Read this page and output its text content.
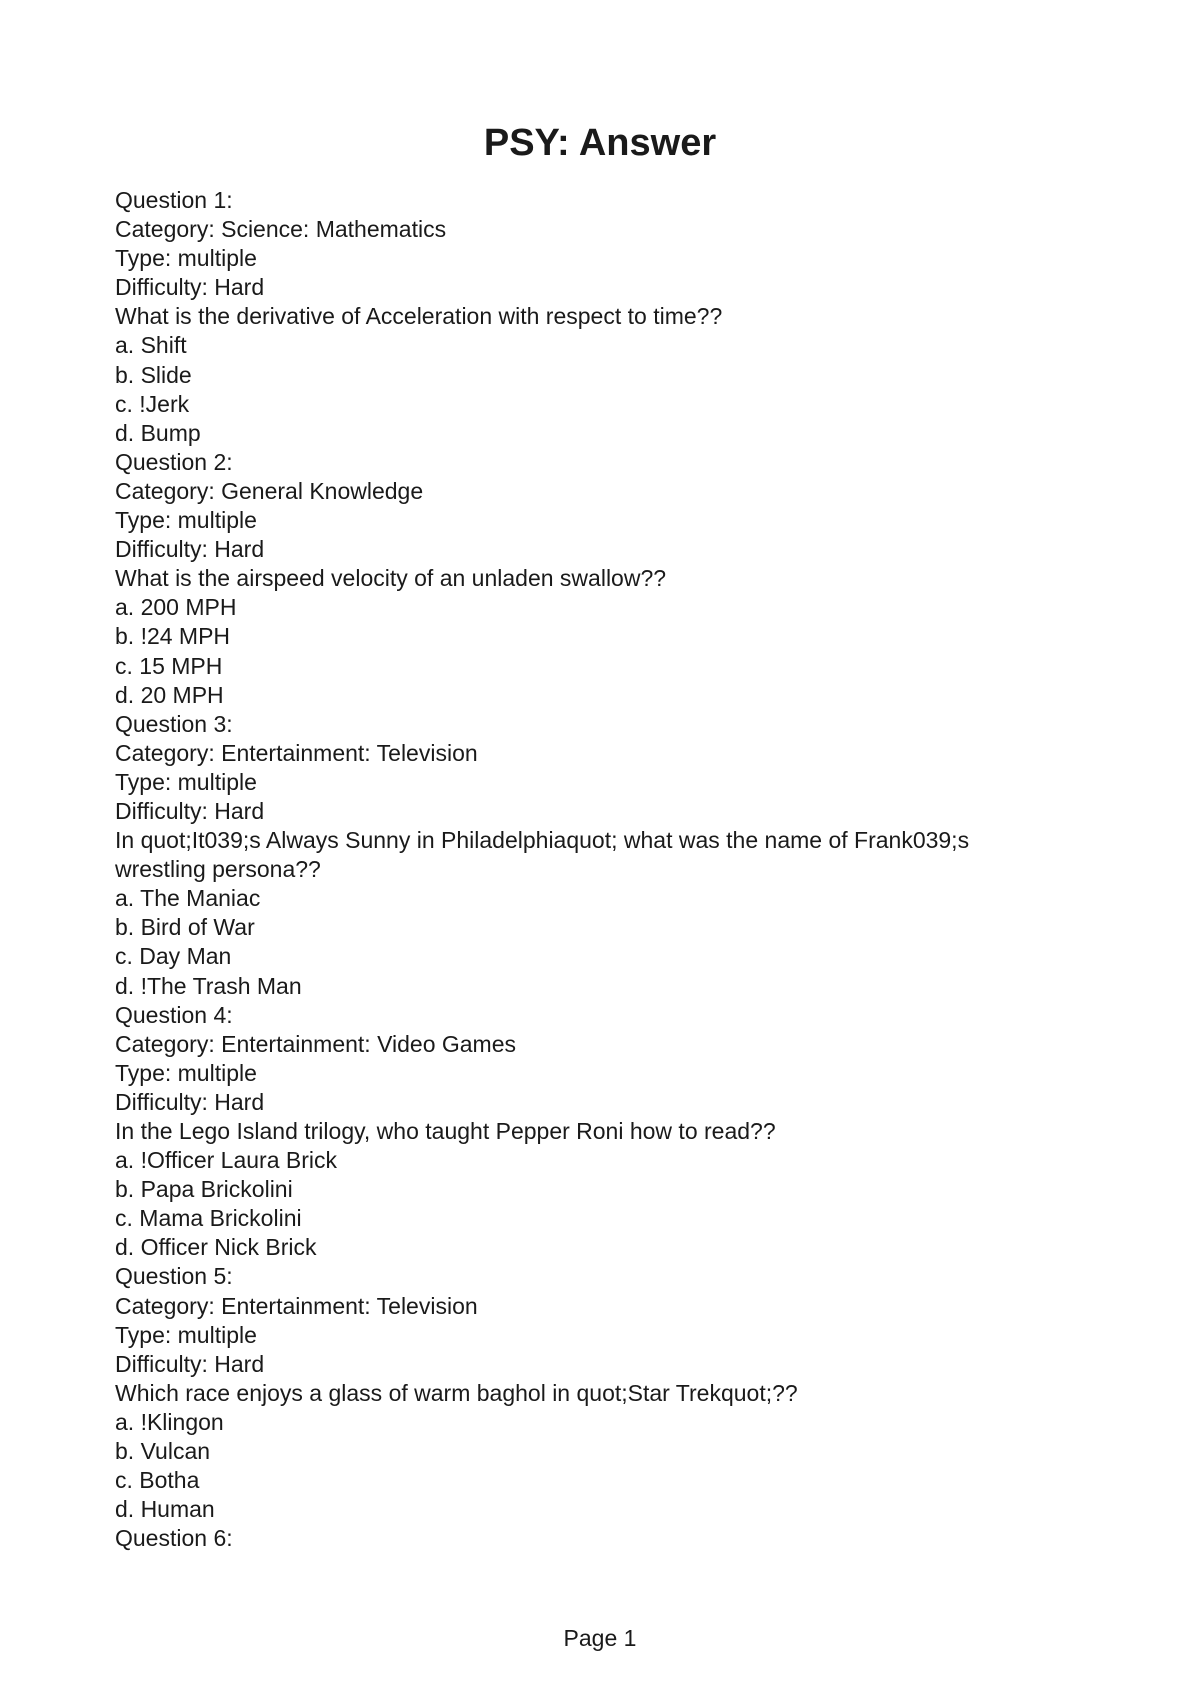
PSY: Answer
Question 1:
Category: Science: Mathematics
Type: multiple
Difficulty: Hard
What is the derivative of Acceleration with respect to time??
a. Shift
b. Slide
c. !Jerk
d. Bump
Question 2:
Category: General Knowledge
Type: multiple
Difficulty: Hard
What is the airspeed velocity of an unladen swallow??
a. 200 MPH
b. !24 MPH
c. 15 MPH
d. 20 MPH
Question 3:
Category: Entertainment: Television
Type: multiple
Difficulty: Hard
In quot;It039;s Always Sunny in Philadelphiaquot; what was the name of Frank039;s wrestling persona??
a. The Maniac
b. Bird of War
c. Day Man
d. !The Trash Man
Question 4:
Category: Entertainment: Video Games
Type: multiple
Difficulty: Hard
In the Lego Island trilogy, who taught Pepper Roni how to read??
a. !Officer Laura Brick
b. Papa Brickolini
c. Mama Brickolini
d. Officer Nick Brick
Question 5:
Category: Entertainment: Television
Type: multiple
Difficulty: Hard
Which race enjoys a glass of warm baghol in quot;Star Trekquot;??
a. !Klingon
b. Vulcan
c. Botha
d. Human
Question 6:
Page 1
